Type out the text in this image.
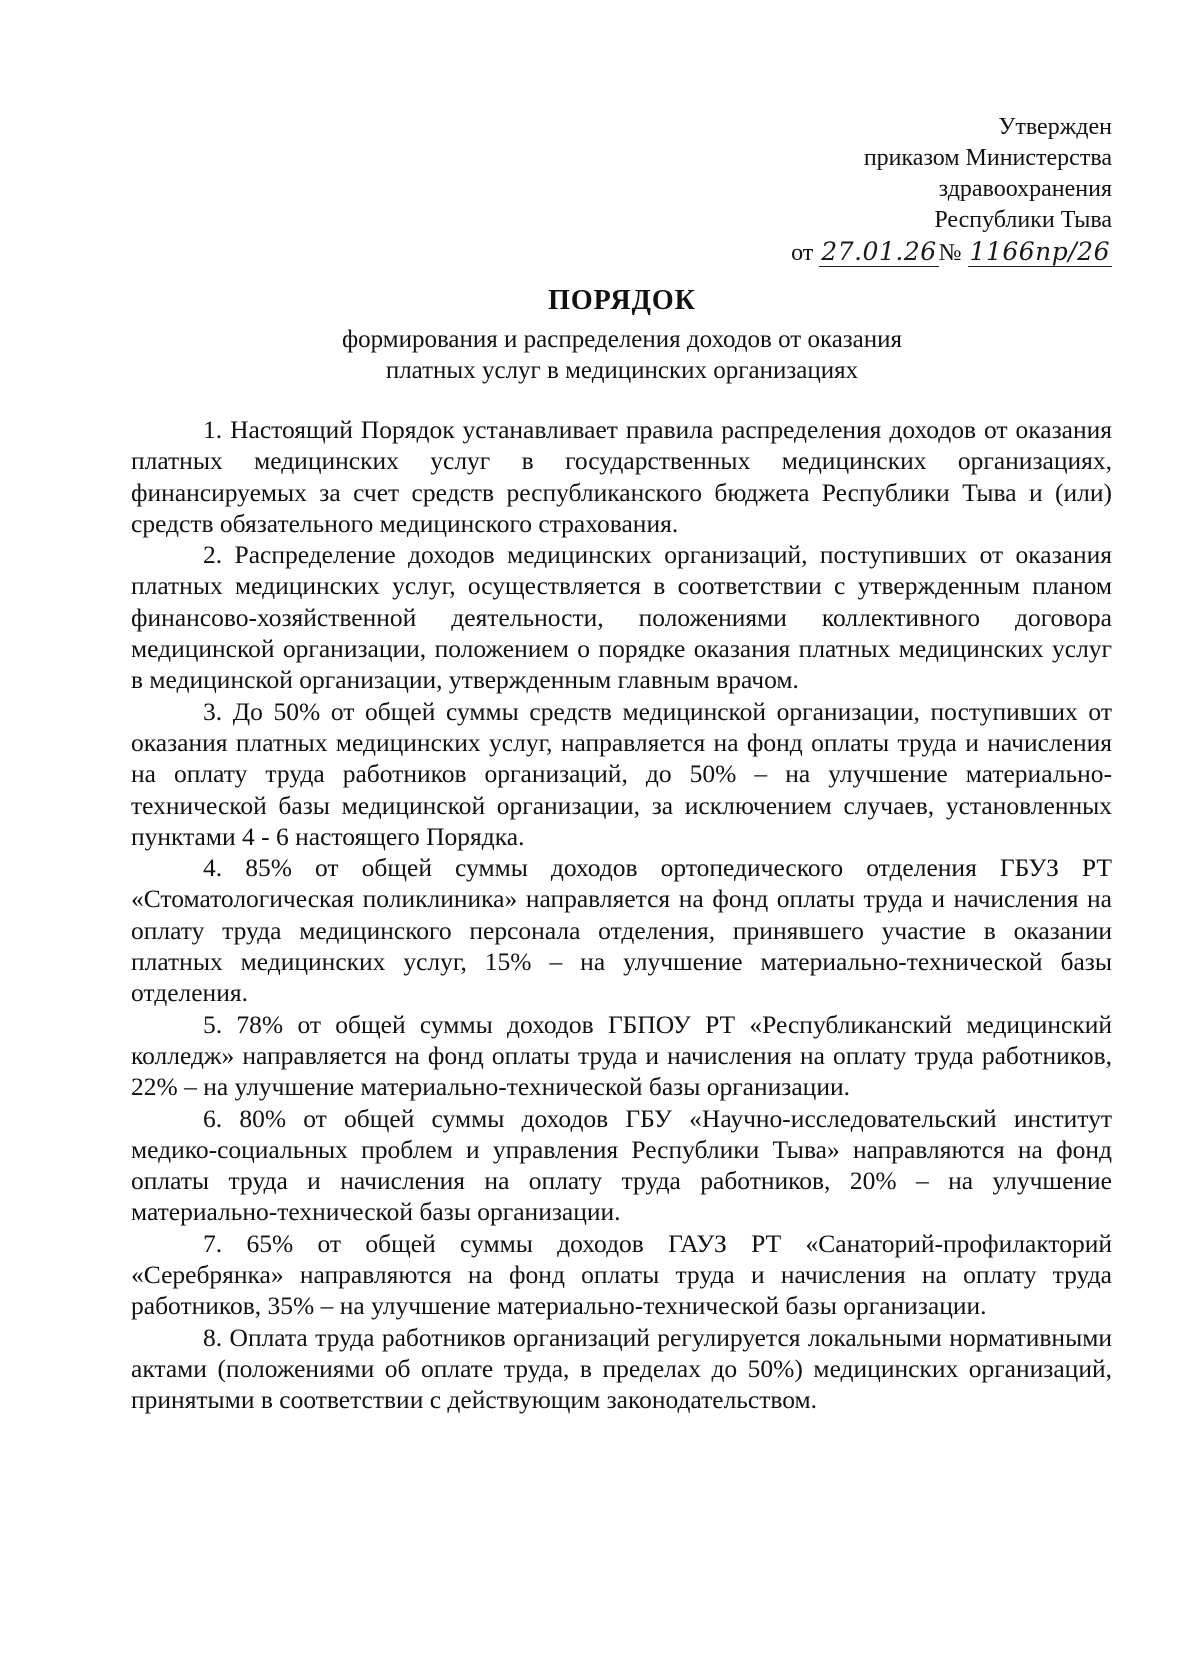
Утвержден
приказом Министерства
здравоохранения
Республики Тыва
от 27.01.26№ 1166пр/26
ПОРЯДОК

формирования и распределения доходов от оказания
платных услуг в медицинских организациях

1. Настоящий Порядок устанавливает правила распределения доходов от оказания платных медицинских услуг в государственных медицинских организациях, финансируемых за счет средств республиканского бюджета Республики Тыва и (или) средств обязательного медицинского страхования.

2. Распределение доходов медицинских организаций, поступивших от оказания платных медицинских услуг, осуществляется в соответствии с утвержденным планом финансово-хозяйственной деятельности, положениями коллективного договора медицинской организации, положением о порядке оказания платных медицинских услуг в медицинской организации, утвержденным главным врачом.

3. До 50% от общей суммы средств медицинской организации, поступивших от оказания платных медицинских услуг, направляется на фонд оплаты труда и начисления на оплату труда работников организаций, до 50% – на улучшение материально-технической базы медицинской организации, за исключением случаев, установленных пунктами 4 - 6 настоящего Порядка.

4. 85% от общей суммы доходов ортопедического отделения ГБУЗ РТ «Стоматологическая поликлиника» направляется на фонд оплаты труда и начисления на оплату труда медицинского персонала отделения, принявшего участие в оказании платных медицинских услуг, 15% – на улучшение материально-технической базы отделения.

5. 78% от общей суммы доходов ГБПОУ РТ «Республиканский медицинский колледж» направляется на фонд оплаты труда и начисления на оплату труда работников, 22% – на улучшение материально-технической базы организации.

6. 80% от общей суммы доходов ГБУ «Научно-исследовательский институт медико-социальных проблем и управления Республики Тыва» направляются на фонд оплаты труда и начисления на оплату труда работников, 20% – на улучшение материально-технической базы организации.

7. 65% от общей суммы доходов ГАУЗ РТ «Санаторий-профилакторий «Серебрянка» направляются на фонд оплаты труда и начисления на оплату труда работников, 35% – на улучшение материально-технической базы организации.

8. Оплата труда работников организаций регулируется локальными нормативными актами (положениями об оплате труда, в пределах до 50%) медицинских организаций, принятыми в соответствии с действующим законодательством.
